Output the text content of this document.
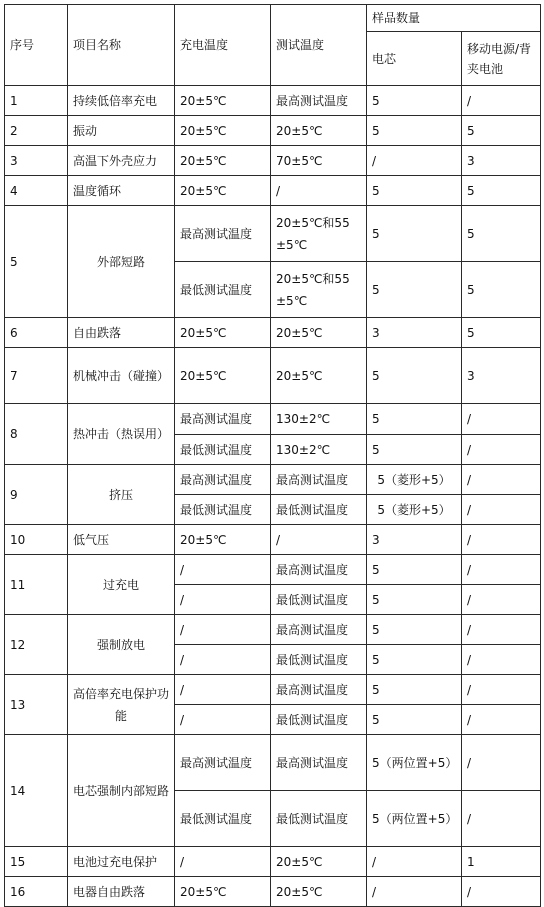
序号	项目名称	充电温度	测试温度	样品数量	
				电芯	移动电源/背夹电池
1	持续低倍率充电	20±5℃	最高测试温度	5	/
2	振动	20±5℃	20±5℃	5	5
3	高温下外壳应力	20±5℃	70±5℃	/	3
4	温度循环	20±5℃	/	5	5
5	外部短路	最高测试温度	20±5℃和55±5℃	5	5
		最低测试温度	20±5℃和55±5℃	5	5
6	自由跌落	20±5℃	20±5℃	3	5
7	机械冲击（碰撞）	20±5℃	20±5℃	5	3
8	热冲击（热误用）	最高测试温度	130±2℃	5	/
		最低测试温度	130±2℃	5	/
9	挤压	最高测试温度	最高测试温度	5（菱形+5）	/
		最低测试温度	最低测试温度	5（菱形+5）	/
10	低气压	20±5℃	/	3	/
11	过充电	/	最高测试温度	5	/
		/	最低测试温度	5	/
12	强制放电	/	最高测试温度	5	/
		/	最低测试温度	5	/
13	高倍率充电保护功能	/	最高测试温度	5	/
		/	最低测试温度	5	/
14	电芯强制内部短路	最高测试温度	最高测试温度	5（两位置+5）	/
		最低测试温度	最低测试温度	5（两位置+5）	/
15	电池过充电保护	/	20±5℃	/	1
16	电器自由跌落	20±5℃	20±5℃	/	/
